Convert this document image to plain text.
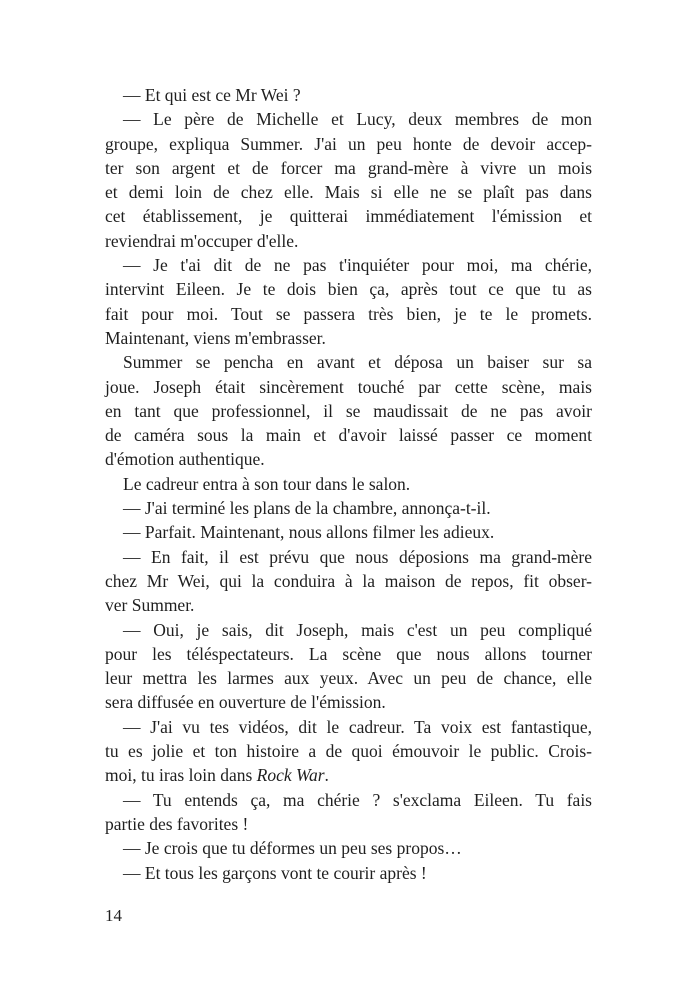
— Et qui est ce Mr Wei ?
— Le père de Michelle et Lucy, deux membres de mon
groupe, expliqua Summer. J'ai un peu honte de devoir accep-
ter son argent et de forcer ma grand-mère à vivre un mois
et demi loin de chez elle. Mais si elle ne se plaît pas dans
cet établissement, je quitterai immédiatement l'émission et
reviendrai m'occuper d'elle.
— Je t'ai dit de ne pas t'inquiéter pour moi, ma chérie,
intervint Eileen. Je te dois bien ça, après tout ce que tu as
fait pour moi. Tout se passera très bien, je te le promets.
Maintenant, viens m'embrasser.
Summer se pencha en avant et déposa un baiser sur sa
joue. Joseph était sincèrement touché par cette scène, mais
en tant que professionnel, il se maudissait de ne pas avoir
de caméra sous la main et d'avoir laissé passer ce moment
d'émotion authentique.
Le cadreur entra à son tour dans le salon.
— J'ai terminé les plans de la chambre, annonça-t-il.
— Parfait. Maintenant, nous allons filmer les adieux.
— En fait, il est prévu que nous déposions ma grand-mère
chez Mr Wei, qui la conduira à la maison de repos, fit obser-
ver Summer.
— Oui, je sais, dit Joseph, mais c'est un peu compliqué
pour les téléspectateurs. La scène que nous allons tourner
leur mettra les larmes aux yeux. Avec un peu de chance, elle
sera diffusée en ouverture de l'émission.
— J'ai vu tes vidéos, dit le cadreur. Ta voix est fantastique,
tu es jolie et ton histoire a de quoi émouvoir le public. Crois-
moi, tu iras loin dans Rock War.
— Tu entends ça, ma chérie ? s'exclama Eileen. Tu fais
partie des favorites !
— Je crois que tu déformes un peu ses propos…
— Et tous les garçons vont te courir après !
14
